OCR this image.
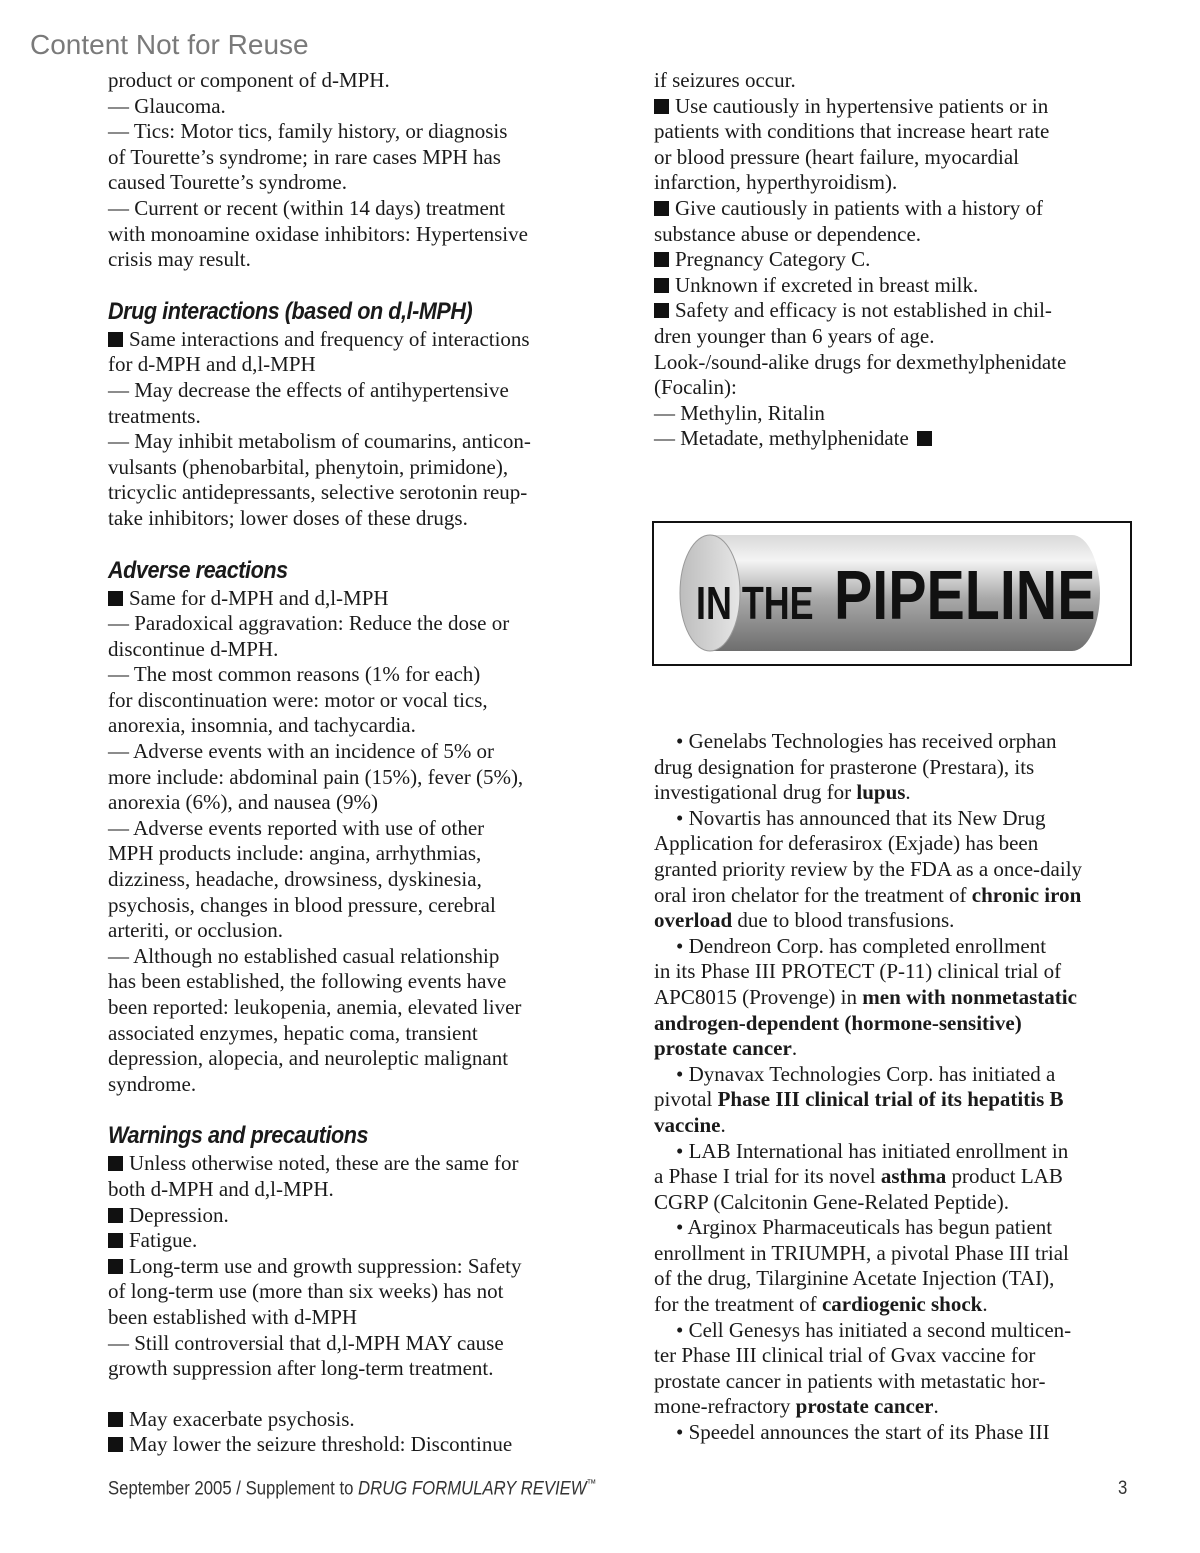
Content Not for Reuse
product or component of d-MPH.
— Glaucoma.
— Tics: Motor tics, family history, or diagnosis
of Tourette’s syndrome; in rare cases MPH has
caused Tourette’s syndrome.
— Current or recent (within 14 days) treatment
with monoamine oxidase inhibitors: Hypertensive
crisis may result.
Drug interactions (based on d,l-MPH)
Same interactions and frequency of interactions
for d-MPH and d,l-MPH
— May decrease the effects of antihypertensive
treatments.
— May inhibit metabolism of coumarins, anticon-
vulsants (phenobarbital, phenytoin, primidone),
tricyclic antidepressants, selective serotonin reup-
take inhibitors; lower doses of these drugs.
Adverse reactions
Same for d-MPH and d,l-MPH
— Paradoxical aggravation: Reduce the dose or
discontinue d-MPH.
— The most common reasons (1% for each)
for discontinuation were: motor or vocal tics,
anorexia, insomnia, and tachycardia.
— Adverse events with an incidence of 5% or
more include: abdominal pain (15%), fever (5%),
anorexia (6%), and nausea (9%)
— Adverse events reported with use of other
MPH products include: angina, arrhythmias,
dizziness, headache, drowsiness, dyskinesia,
psychosis, changes in blood pressure, cerebral
arteriti, or occlusion.
— Although no established casual relationship
has been established, the following events have
been reported: leukopenia, anemia, elevated liver
associated enzymes, hepatic coma, transient
depression, alopecia, and neuroleptic malignant
syndrome.
Warnings and precautions
Unless otherwise noted, these are the same for
both d-MPH and d,l-MPH.
Depression.
Fatigue.
Long-term use and growth suppression: Safety
of long-term use (more than six weeks) has not
been established with d-MPH
— Still controversial that d,l-MPH MAY cause
growth suppression after long-term treatment.
May exacerbate psychosis.
May lower the seizure threshold: Discontinue
if seizures occur.
Use cautiously in hypertensive patients or in
patients with conditions that increase heart rate
or blood pressure (heart failure, myocardial
infarction, hyperthyroidism).
Give cautiously in patients with a history of
substance abuse or dependence.
Pregnancy Category C.
Unknown if excreted in breast milk.
Safety and efficacy is not established in chil-
dren younger than 6 years of age.
Look-/sound-alike drugs for dexmethylphenidate
(Focalin):
— Methylin, Ritalin
— Metadate, methylphenidate
IN THE PIPELINE
• Genelabs Technologies has received orphan
drug designation for prasterone (Prestara), its
investigational drug for lupus.
• Novartis has announced that its New Drug
Application for deferasirox (Exjade) has been
granted priority review by the FDA as a once-daily
oral iron chelator for the treatment of chronic iron
overload due to blood transfusions.
• Dendreon Corp. has completed enrollment
in its Phase III PROTECT (P-11) clinical trial of
APC8015 (Provenge) in men with nonmetastatic
androgen-dependent (hormone-sensitive)
prostate cancer.
• Dynavax Technologies Corp. has initiated a
pivotal Phase III clinical trial of its hepatitis B
vaccine.
• LAB International has initiated enrollment in
a Phase I trial for its novel asthma product LAB
CGRP (Calcitonin Gene-Related Peptide).
• Arginox Pharmaceuticals has begun patient
enrollment in TRIUMPH, a pivotal Phase III trial
of the drug, Tilarginine Acetate Injection (TAI),
for the treatment of cardiogenic shock.
• Cell Genesys has initiated a second multicen-
ter Phase III clinical trial of Gvax vaccine for
prostate cancer in patients with metastatic hor-
mone-refractory prostate cancer.
• Speedel announces the start of its Phase III
September 2005 / Supplement to DRUG FORMULARY REVIEW™	3
